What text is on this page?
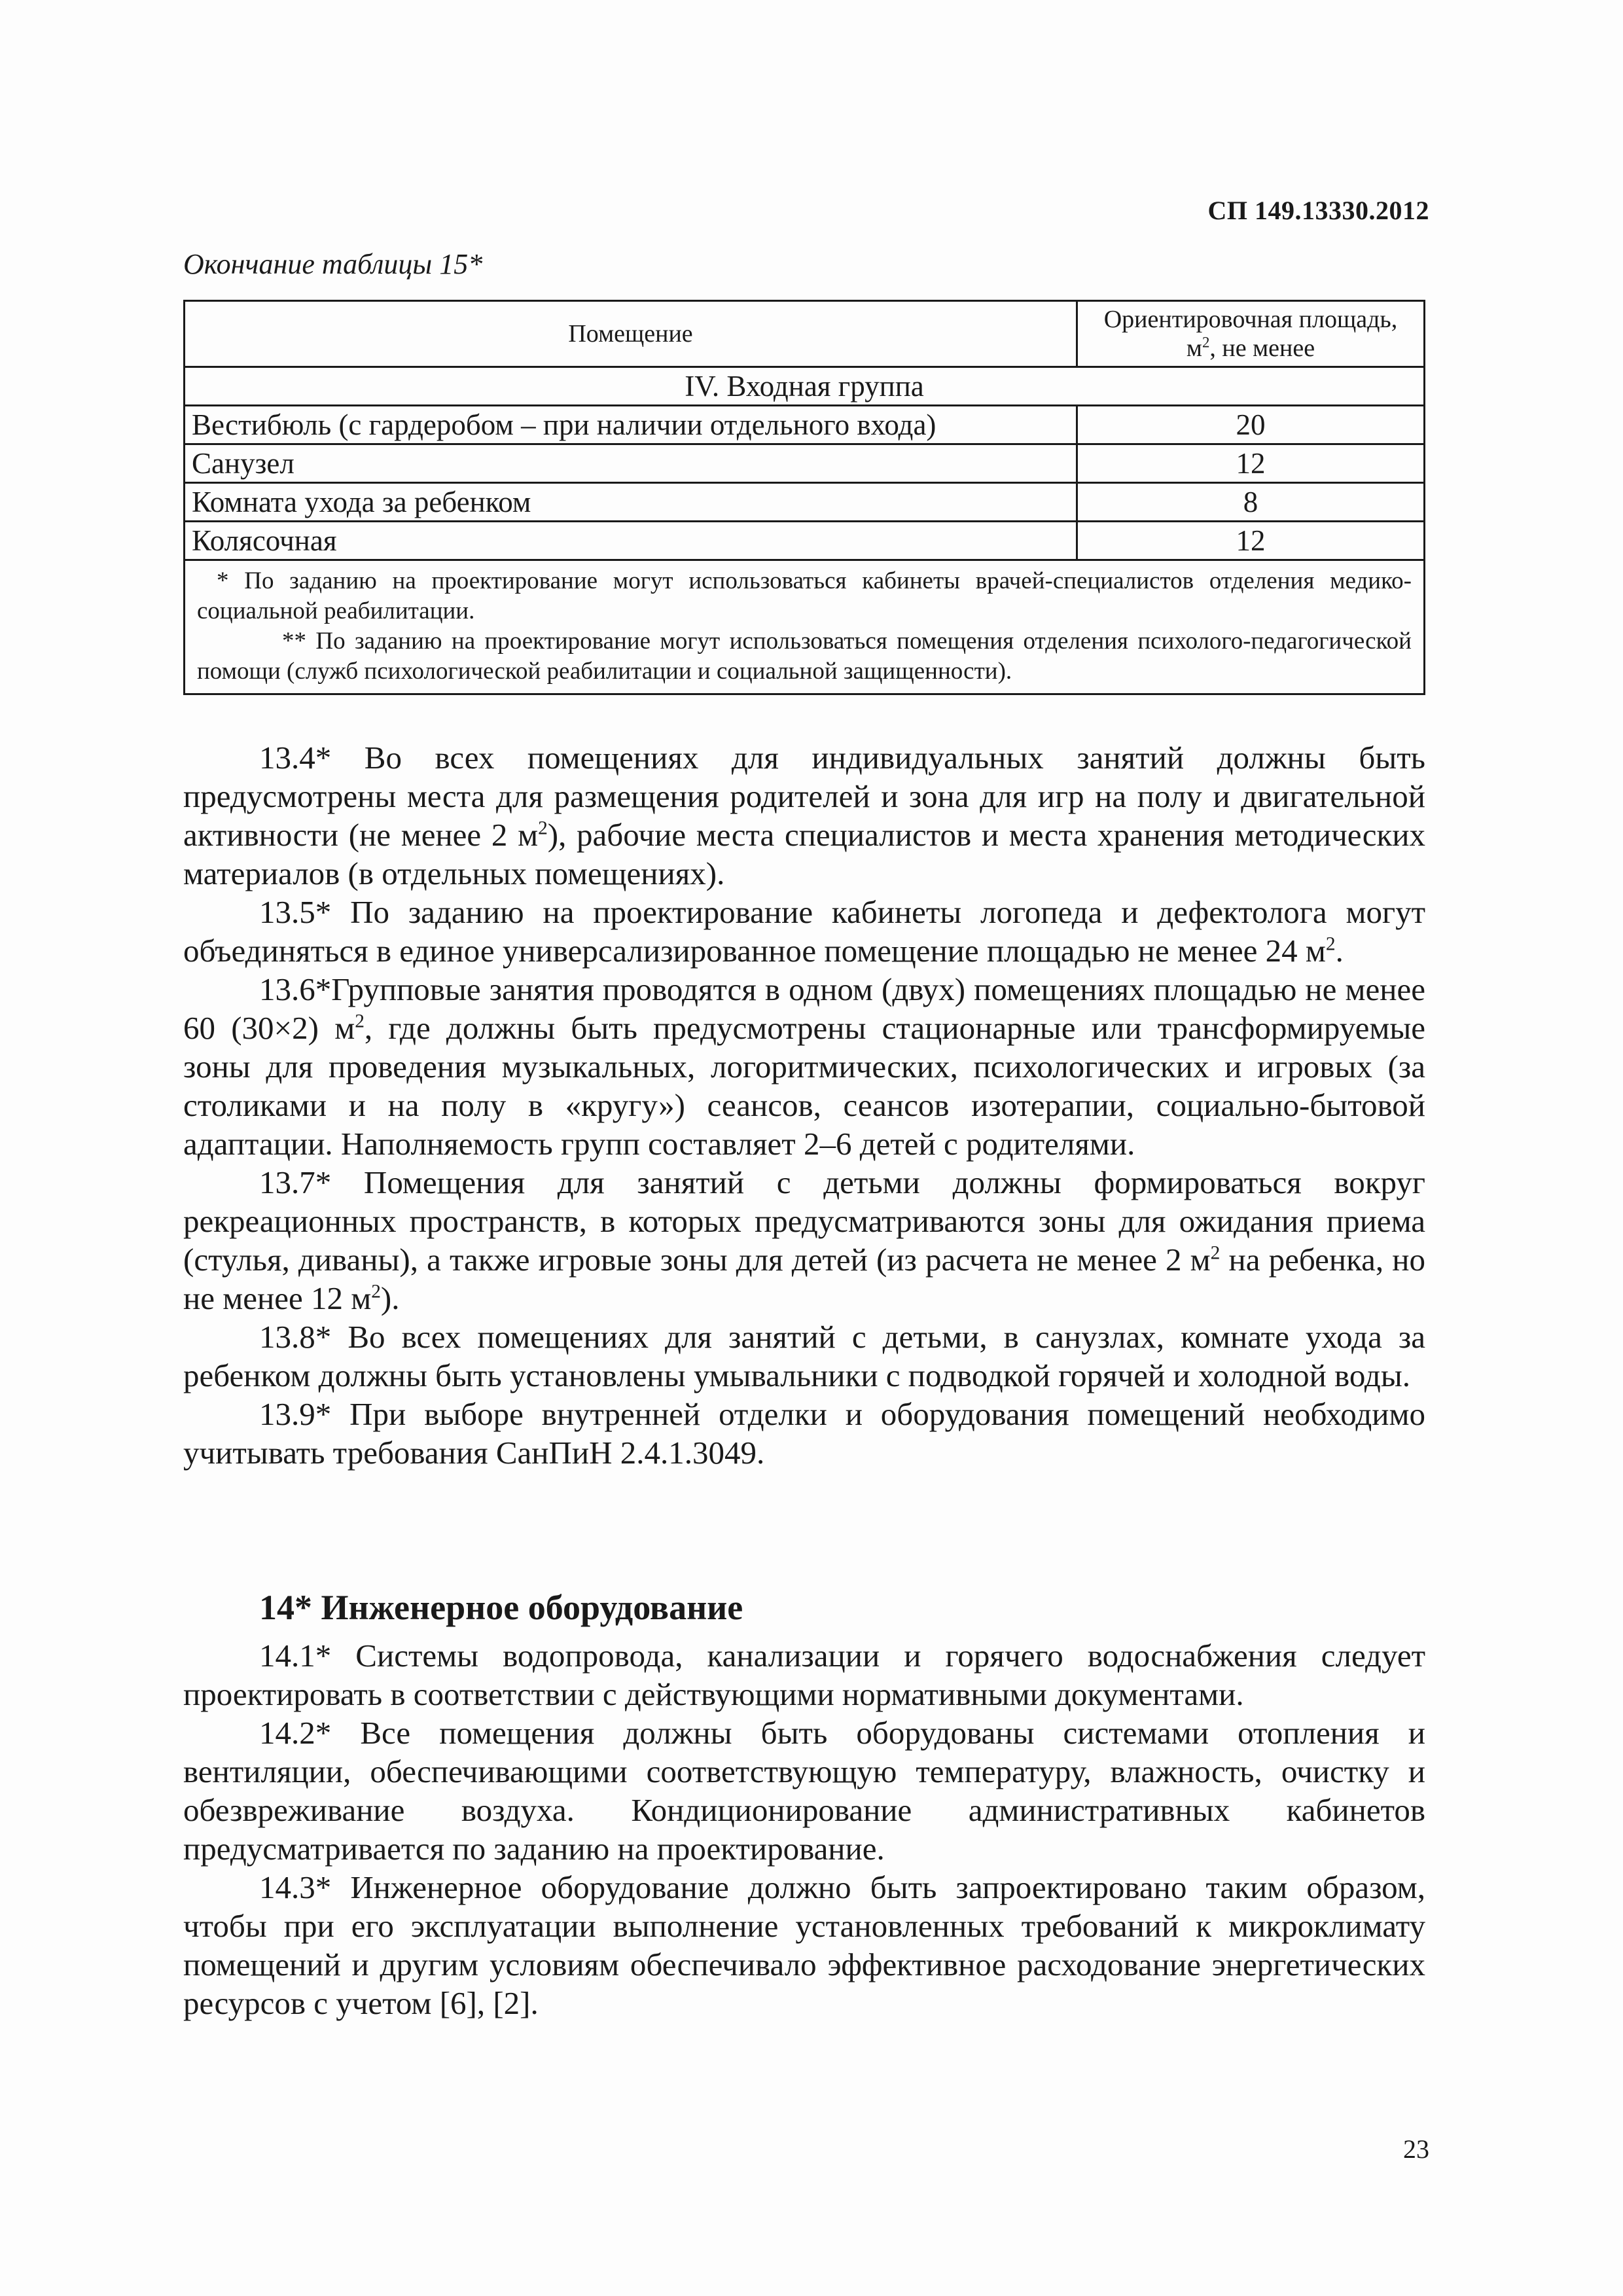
СП 149.13330.2012
Окончание таблицы 15*
Помещение	Ориентировочная площадь,
$м^2$, не менее
IV. Входная группа	
Вестибюль (с гардеробом – при наличии отдельного входа)	20
Санузел	12
Комната ухода за ребенком	8
Колясочная	12

* По заданию на проектирование могут использоваться кабинеты врачей-специалистов отделения медико-социальной реабилитации.

** По заданию на проектирование могут использоваться помещения отделения психолого-педагогической помощи (служб психологической реабилитации и социальной защищенности).	

13.4* Во всех помещениях для индивидуальных занятий должны быть предусмотрены места для размещения родителей и зона для игр на полу и двигательной активности (не менее 2 $м^2$), рабочие места специалистов и места хранения методических материалов (в отдельных помещениях).

13.5* По заданию на проектирование кабинеты логопеда и дефектолога могут объединяться в единое универсализированное помещение площадью не менее 24 $м^2$.

13.6*Групповые занятия проводятся в одном (двух) помещениях площадью не менее 60 (30×2) $м^2$, где должны быть предусмотрены стационарные или трансформируемые зоны для проведения музыкальных, логоритмических, психологических и игровых (за столиками и на полу в «кругу») сеансов, сеансов изотерапии, социально-бытовой адаптации. Наполняемость групп составляет 2–6 детей с родителями.

13.7* Помещения для занятий с детьми должны формироваться вокруг рекреационных пространств, в которых предусматриваются зоны для ожидания приема (стулья, диваны), а также игровые зоны для детей (из расчета не менее 2 $м^2$ на ребенка, но не менее 12 $м^2$).

13.8* Во всех помещениях для занятий с детьми, в санузлах, комнате ухода за ребенком должны быть установлены умывальники с подводкой горячей и холодной воды.

13.9* При выборе внутренней отделки и оборудования помещений необходимо учитывать требования СанПиН 2.4.1.3049.

14* Инженерное оборудование

14.1* Системы водопровода, канализации и горячего водоснабжения следует проектировать в соответствии с действующими нормативными документами.

14.2* Все помещения должны быть оборудованы системами отопления и вентиляции, обеспечивающими соответствующую температуру, влажность, очистку и обезвреживание воздуха. Кондиционирование административных кабинетов предусматривается по заданию на проектирование.

14.3* Инженерное оборудование должно быть запроектировано таким образом, чтобы при его эксплуатации выполнение установленных требований к микроклимату помещений и другим условиям обеспечивало эффективное расходование энергетических ресурсов с учетом [6], [2].

23
